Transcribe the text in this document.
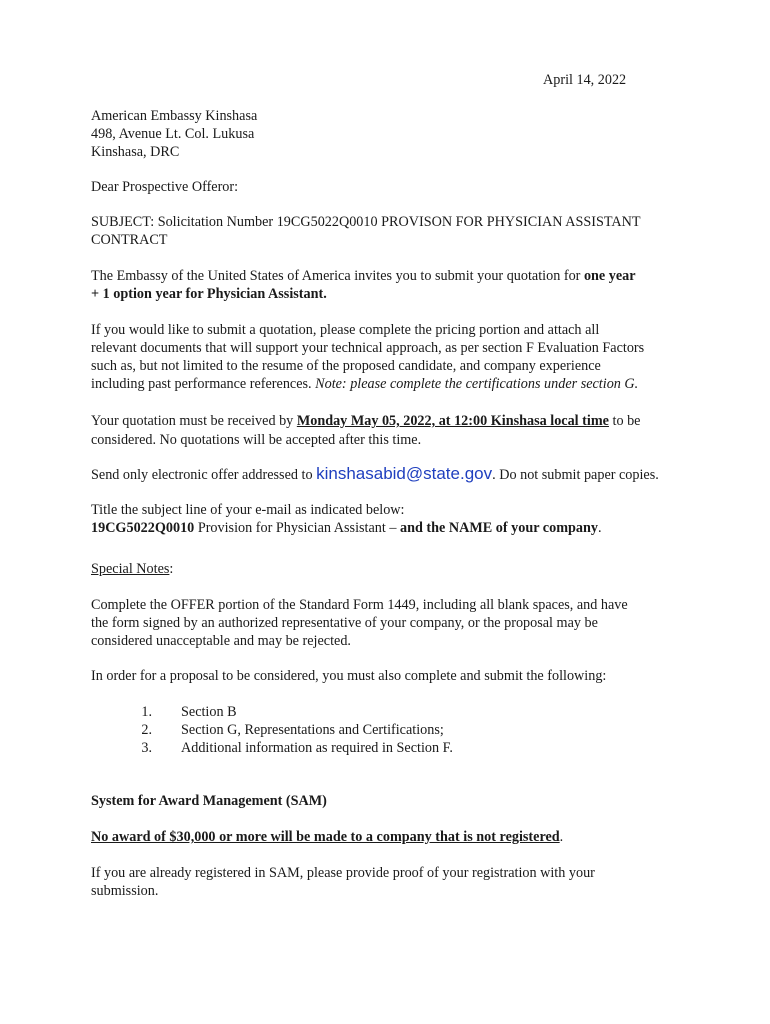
April 14, 2022
American Embassy Kinshasa
498, Avenue Lt. Col. Lukusa
Kinshasa, DRC
Dear Prospective Offeror:
SUBJECT: Solicitation Number 19CG5022Q0010 PROVISON FOR PHYSICIAN ASSISTANT
CONTRACT
The Embassy of the United States of America invites you to submit your quotation for one year
+ 1 option year for Physician Assistant.
If you would like to submit a quotation, please complete the pricing portion and attach all
relevant documents that will support your technical approach, as per section F Evaluation Factors
such as, but not limited to the resume of the proposed candidate, and company experience
including past performance references. Note: please complete the certifications under section G.
Your quotation must be received by Monday May 05, 2022, at 12:00 Kinshasa local time to be
considered. No quotations will be accepted after this time.
Send only electronic offer addressed to kinshasabid@state.gov. Do not submit paper copies.
Title the subject line of your e-mail as indicated below:
19CG5022Q0010 Provision for Physician Assistant – and the NAME of your company.
Special Notes:
Complete the OFFER portion of the Standard Form 1449, including all blank spaces, and have
the form signed by an authorized representative of your company, or the proposal may be
considered unacceptable and may be rejected.
In order for a proposal to be considered, you must also complete and submit the following:
1. Section B
2. Section G, Representations and Certifications;
3. Additional information as required in Section F.
System for Award Management (SAM)
No award of $30,000 or more will be made to a company that is not registered.
If you are already registered in SAM, please provide proof of your registration with your
submission.
